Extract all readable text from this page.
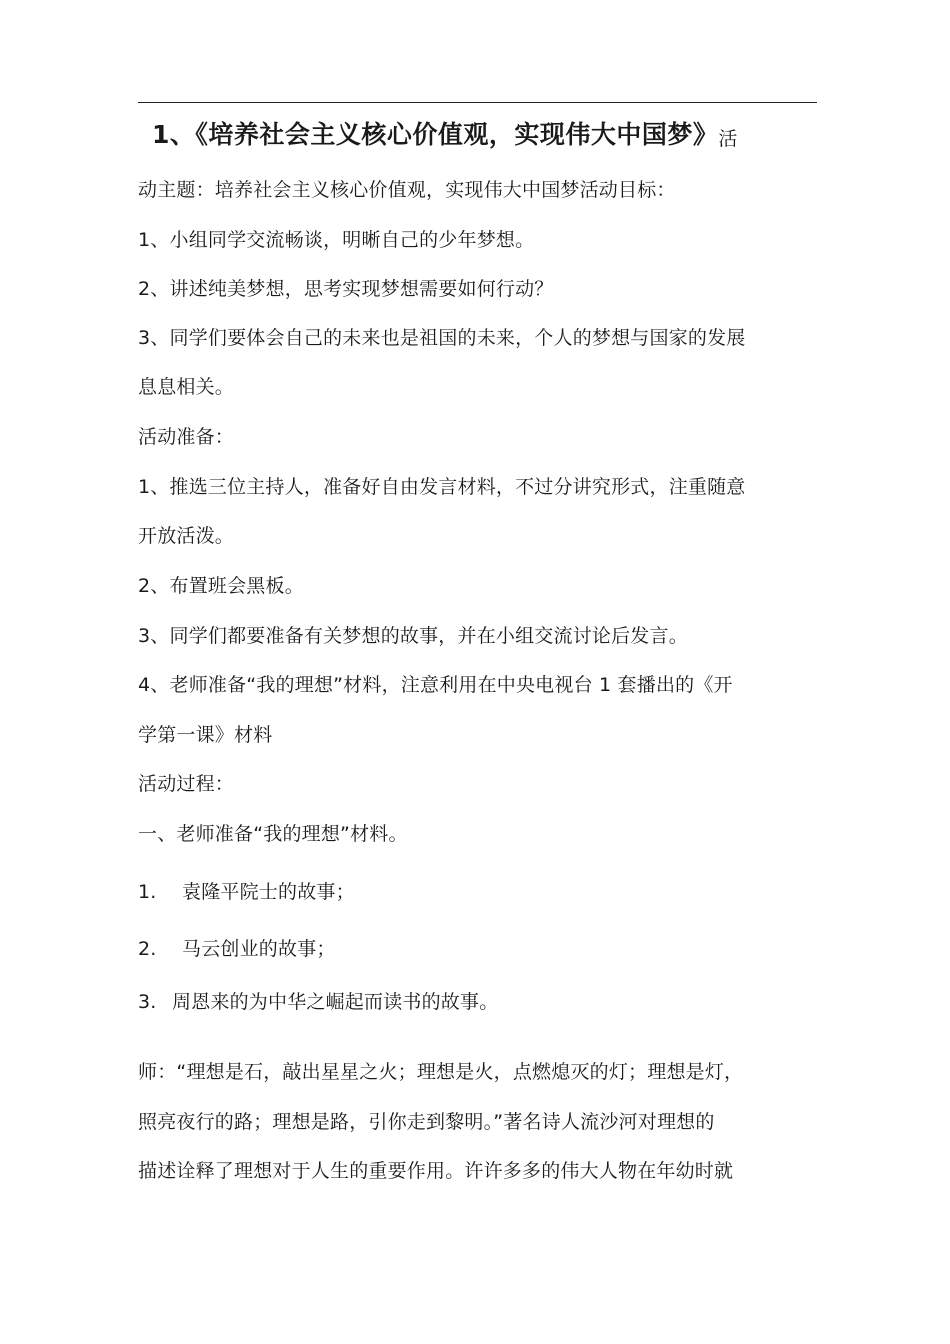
1、《培养社会主义核心价值观，实现伟大中国梦》活
动主题：培养社会主义核心价值观，实现伟大中国梦活动目标：
1、小组同学交流畅谈，明晰自己的少年梦想。
2、讲述纯美梦想，思考实现梦想需要如何行动？
3、同学们要体会自己的未来也是祖国的未来，个人的梦想与国家的发展
息息相关。
活动准备：
1、推选三位主持人，准备好自由发言材料，不过分讲究形式，注重随意
开放活泼。
2、布置班会黑板。
3、同学们都要准备有关梦想的故事，并在小组交流讨论后发言。
4、老师准备“我的理想”材料，注意利用在中央电视台 1 套播出的《开
学第一课》材料
活动过程：
一、老师准备“我的理想”材料。
1. 袁隆平院士的故事；
2. 马云创业的故事；
3. 周恩来的为中华之崛起而读书的故事。
师：“理想是石，敲出星星之火；理想是火，点燃熄灭的灯；理想是灯，
照亮夜行的路；理想是路，引你走到黎明。”著名诗人流沙河对理想的
描述诠释了理想对于人生的重要作用。许许多多的伟大人物在年幼时就
